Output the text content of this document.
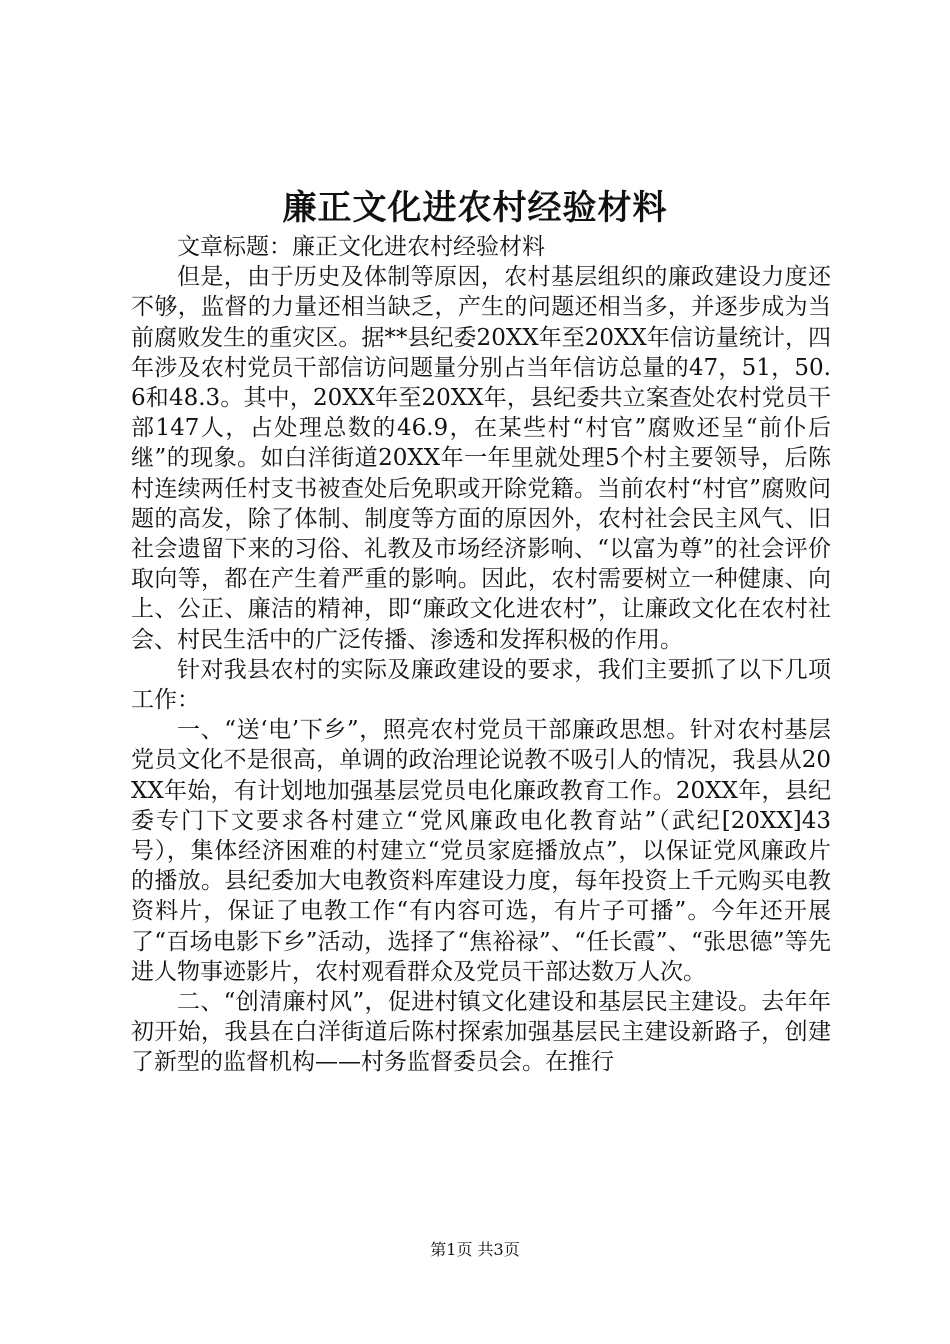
廉正文化进农村经验材料

文章标题：廉正文化进农村经验材料

但是，由于历史及体制等原因，农村基层组织的廉政建设力度还不够，监督的力量还相当缺乏，产生的问题还相当多，并逐步成为当前腐败发生的重灾区。据**县纪委20XX年至20XX年信访量统计，四年涉及农村党员干部信访问题量分别占当年信访总量的47，51，50.6和48.3。其中，20XX年至20XX年，县纪委共立案查处农村党员干部147人，占处理总数的46.9，在某些村“村官”腐败还呈“前仆后继”的现象。如白洋街道20XX年一年里就处理5个村主要领导，后陈村连续两任村支书被查处后免职或开除党籍。当前农村“村官”腐败问题的高发，除了体制、制度等方面的原因外，农村社会民主风气、旧社会遗留下来的习俗、礼教及市场经济影响、“以富为尊”的社会评价取向等，都在产生着严重的影响。因此，农村需要树立一种健康、向上、公正、廉洁的精神，即“廉政文化进农村”，让廉政文化在农村社会、村民生活中的广泛传播、渗透和发挥积极的作用。

针对我县农村的实际及廉政建设的要求，我们主要抓了以下几项工作：

一、“送‘电’下乡”，照亮农村党员干部廉政思想。针对农村基层党员文化不是很高，单调的政治理论说教不吸引人的情况，我县从20XX年始，有计划地加强基层党员电化廉政教育工作。20XX年，县纪委专门下文要求各村建立“党风廉政电化教育站”（武纪[20XX]43号），集体经济困难的村建立“党员家庭播放点”，以保证党风廉政片的播放。县纪委加大电教资料库建设力度，每年投资上千元购买电教资料片，保证了电教工作“有内容可选，有片子可播”。今年还开展了“百场电影下乡”活动，选择了“焦裕禄”、“任长霞”、“张思德”等先进人物事迹影片，农村观看群众及党员干部达数万人次。

二、“创清廉村风”，促进村镇文化建设和基层民主建设。去年年初开始，我县在白洋街道后陈村探索加强基层民主建设新路子，创建了新型的监督机构——村务监督委员会。在推行

第1页 共3页
